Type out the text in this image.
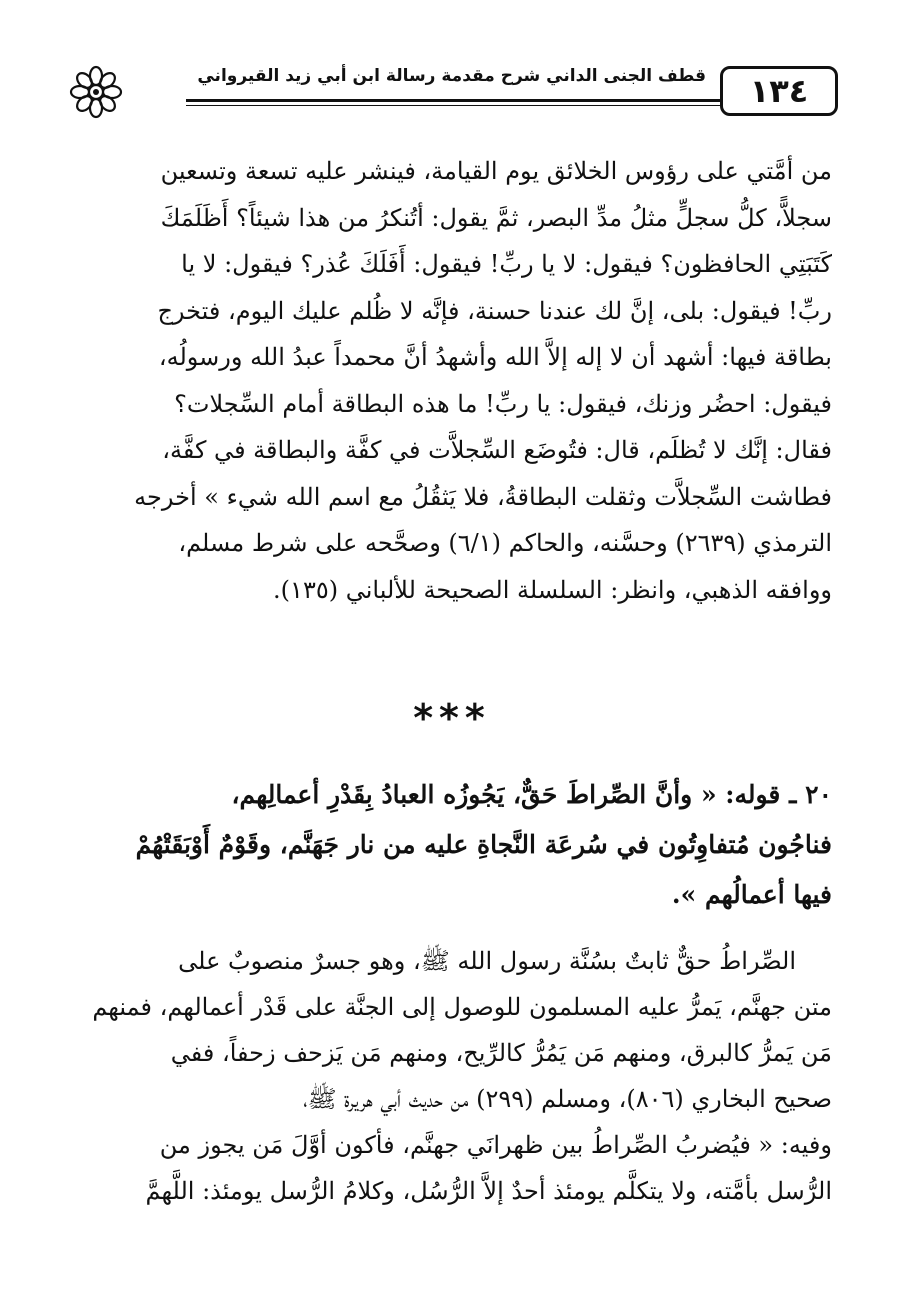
١٣٤
قطف الجنى الداني شرح مقدمة رسالة ابن أبي زيد القيرواني
من أمَّتي على رؤوس الخلائق يوم القيامة، فينشر عليه تسعة وتسعين
سجلاًّ، كلُّ سجلٍّ مثلُ مدِّ البصر، ثمَّ يقول: أتُنكرُ من هذا شيئاً؟ أَظَلَمَكَ
كَتَبَتِي الحافظون؟ فيقول: لا يا ربِّ! فيقول: أَفَلَكَ عُذر؟ فيقول: لا يا
ربِّ! فيقول: بلى، إنَّ لك عندنا حسنة، فإنَّه لا ظُلم عليك اليوم، فتخرج
بطاقة فيها: أشهد أن لا إله إلاَّ الله وأشهدُ أنَّ محمداً عبدُ الله ورسولُه،
فيقول: احضُر وزنك، فيقول: يا ربِّ! ما هذه البطاقة أمام السِّجلات؟
فقال: إنَّك لا تُظلَم، قال: فتُوضَع السِّجلاَّت في كفَّة والبطاقة في كفَّة،
فطاشت السِّجلاَّت وثقلت البطاقةُ، فلا يَثقُلُ مع اسم الله شيء » أخرجه
الترمذي (٢٦٣٩) وحسَّنه، والحاكم (٦/١) وصحَّحه على شرط مسلم،
ووافقه الذهبي، وانظر: السلسلة الصحيحة للألباني (١٣٥).
***
٢٠ ـ قوله: « وأنَّ الصِّراطَ حَقٌّ، يَجُوزُه العبادُ بِقَدْرِ أعمالِهم،
فناجُون مُتفاوِتُون في سُرعَة النَّجاةِ عليه من نار جَهَنَّم، وقَوْمٌ أَوْبَقَتْهُمْ
فيها أعمالُهم ».
الصِّراطُ حقٌّ ثابتٌ بسُنَّة رسول الله ﷺ، وهو جسرٌ منصوبٌ على
متن جهنَّم، يَمرُّ عليه المسلمون للوصول إلى الجنَّة على قَدْر أعمالهم، فمنهم
مَن يَمرُّ كالبرق، ومنهم مَن يَمُرُّ كالرِّيح، ومنهم مَن يَزحف زحفاً، ففي
صحيح البخاري (٨٠٦)، ومسلم (٢٩٩) من حديث أبي هريرة ﷺ،
وفيه: « فيُضربُ الصِّراطُ بين ظهرانَي جهنَّم، فأكون أوَّلَ مَن يجوز من
الرُّسل بأمَّته، ولا يتكلَّم يومئذ أحدٌ إلاَّ الرُّسُل، وكلامُ الرُّسل يومئذ: اللَّهمَّ
